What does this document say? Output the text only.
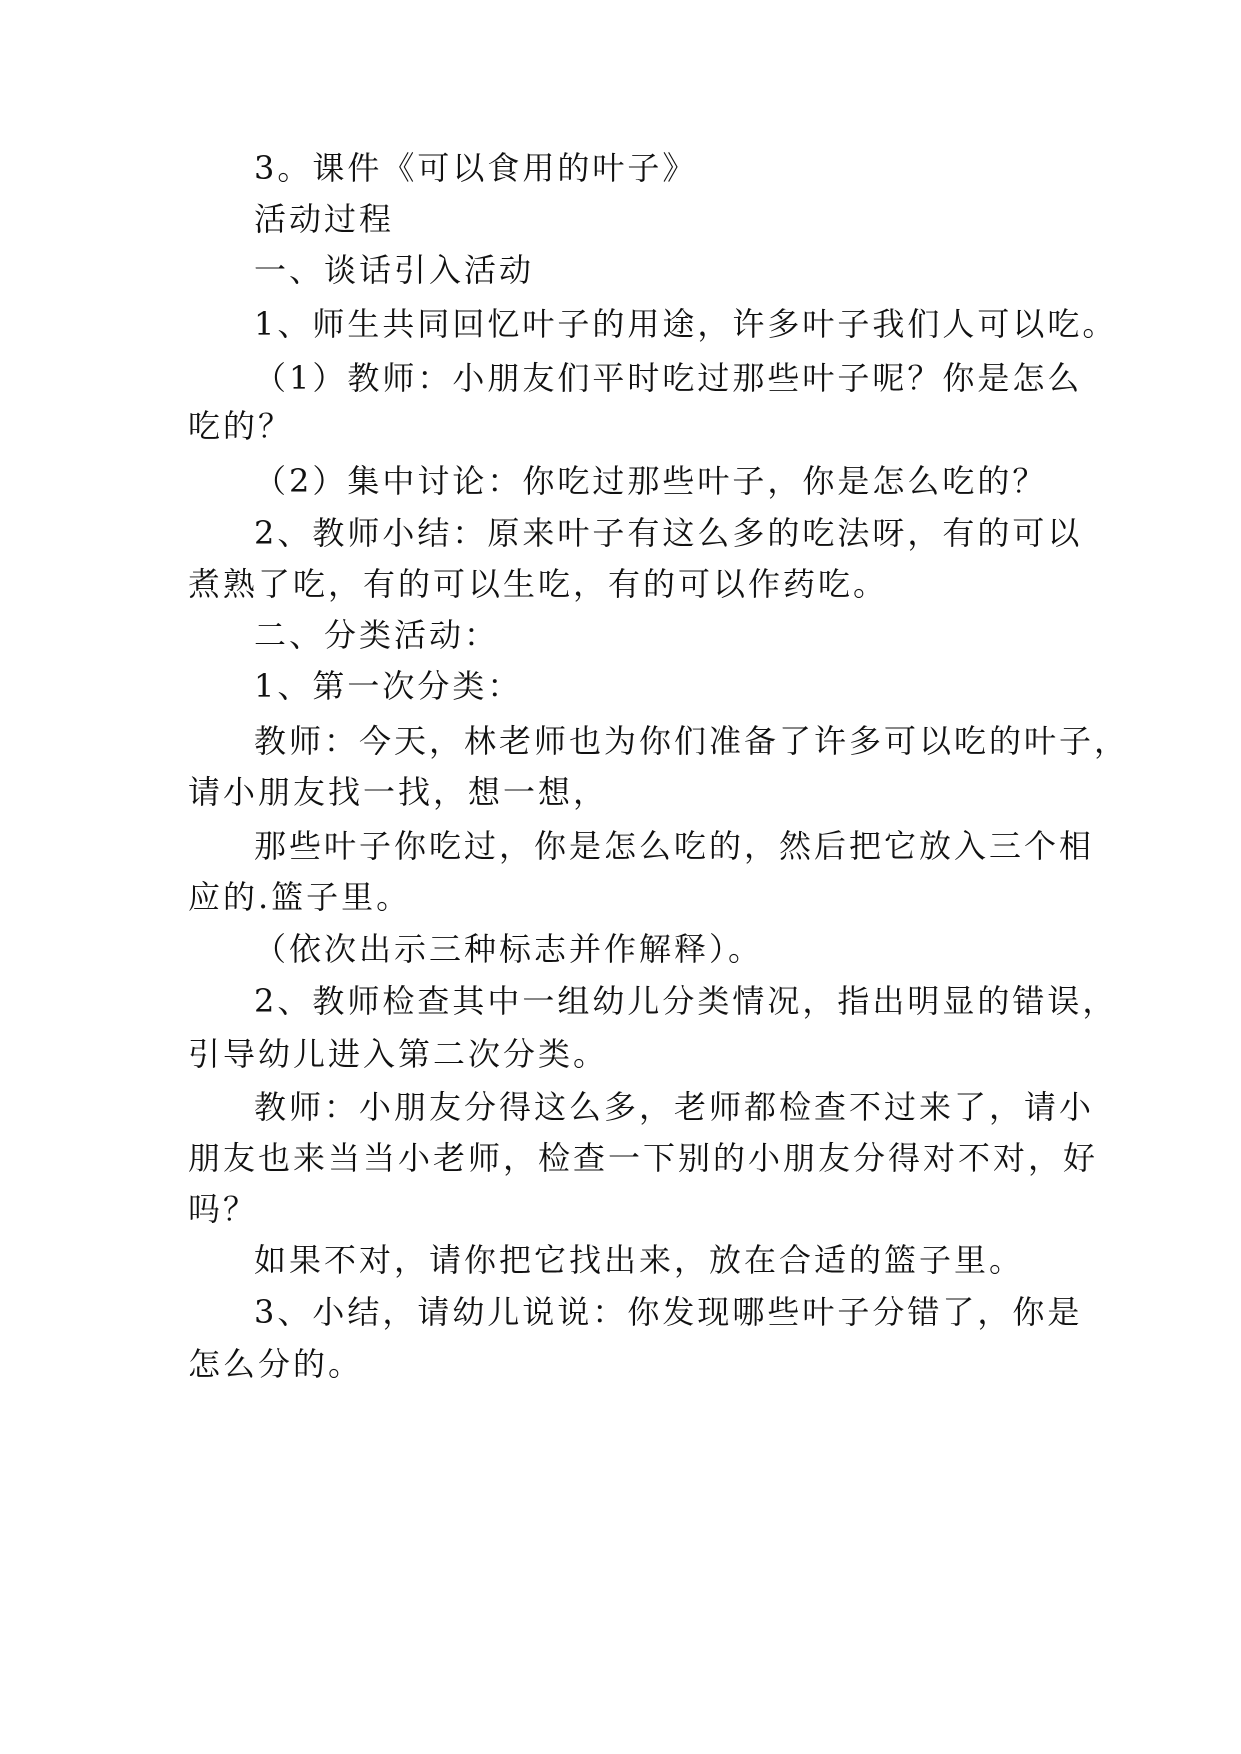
3。课件《可以食用的叶子》
活动过程
一、谈话引入活动
1、师生共同回忆叶子的用途，许多叶子我们人可以吃。
（1）教师：小朋友们平时吃过那些叶子呢？你是怎么
吃的？
（2）集中讨论：你吃过那些叶子，你是怎么吃的？
2、教师小结：原来叶子有这么多的吃法呀，有的可以
煮熟了吃，有的可以生吃，有的可以作药吃。
二、分类活动：
1、第一次分类：
教师：今天，林老师也为你们准备了许多可以吃的叶子，
请小朋友找一找，想一想，
那些叶子你吃过，你是怎么吃的，然后把它放入三个相
应的.篮子里。
（依次出示三种标志并作解释）。
2、教师检查其中一组幼儿分类情况，指出明显的错误，
引导幼儿进入第二次分类。
教师：小朋友分得这么多，老师都检查不过来了，请小
朋友也来当当小老师，检查一下别的小朋友分得对不对，好
吗？
如果不对，请你把它找出来，放在合适的篮子里。
3、小结，请幼儿说说：你发现哪些叶子分错了，你是
怎么分的。
